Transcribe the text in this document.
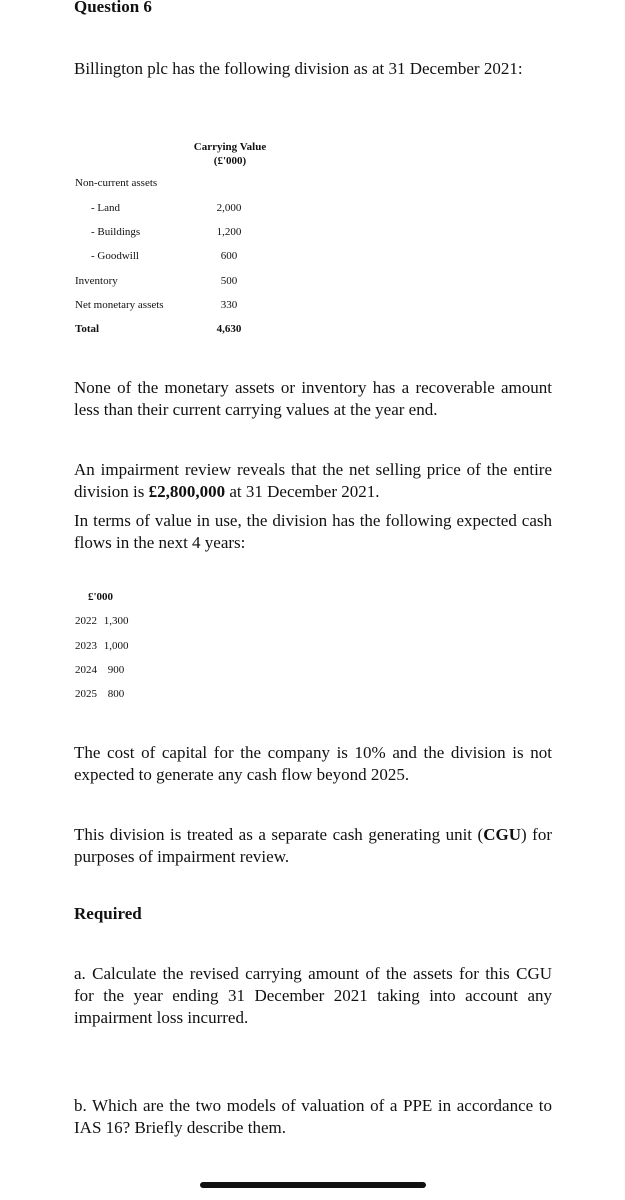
Question 6
Billington plc has the following division as at 31 December 2021:
Carrying Value
(£'000)
Non-current assets
- Land	2,000
- Buildings	1,200
- Goodwill	600
Inventory	500
Net monetary assets	330
Total	4,630
None of the monetary assets or inventory has a recoverable amount less than their current carrying values at the year end.
An impairment review reveals that the net selling price of the entire division is £2,800,000 at 31 December 2021.
In terms of value in use, the division has the following expected cash flows in the next 4 years:
£'000
2022 1,300
2023 1,000
2024 900
2025 800
The cost of capital for the company is 10% and the division is not expected to generate any cash flow beyond 2025.
This division is treated as a separate cash generating unit (CGU) for purposes of impairment review.
Required
a. Calculate the revised carrying amount of the assets for this CGU for the year ending 31 December 2021 taking into account any impairment loss incurred.
b. Which are the two models of valuation of a PPE in accordance to IAS 16? Briefly describe them.
